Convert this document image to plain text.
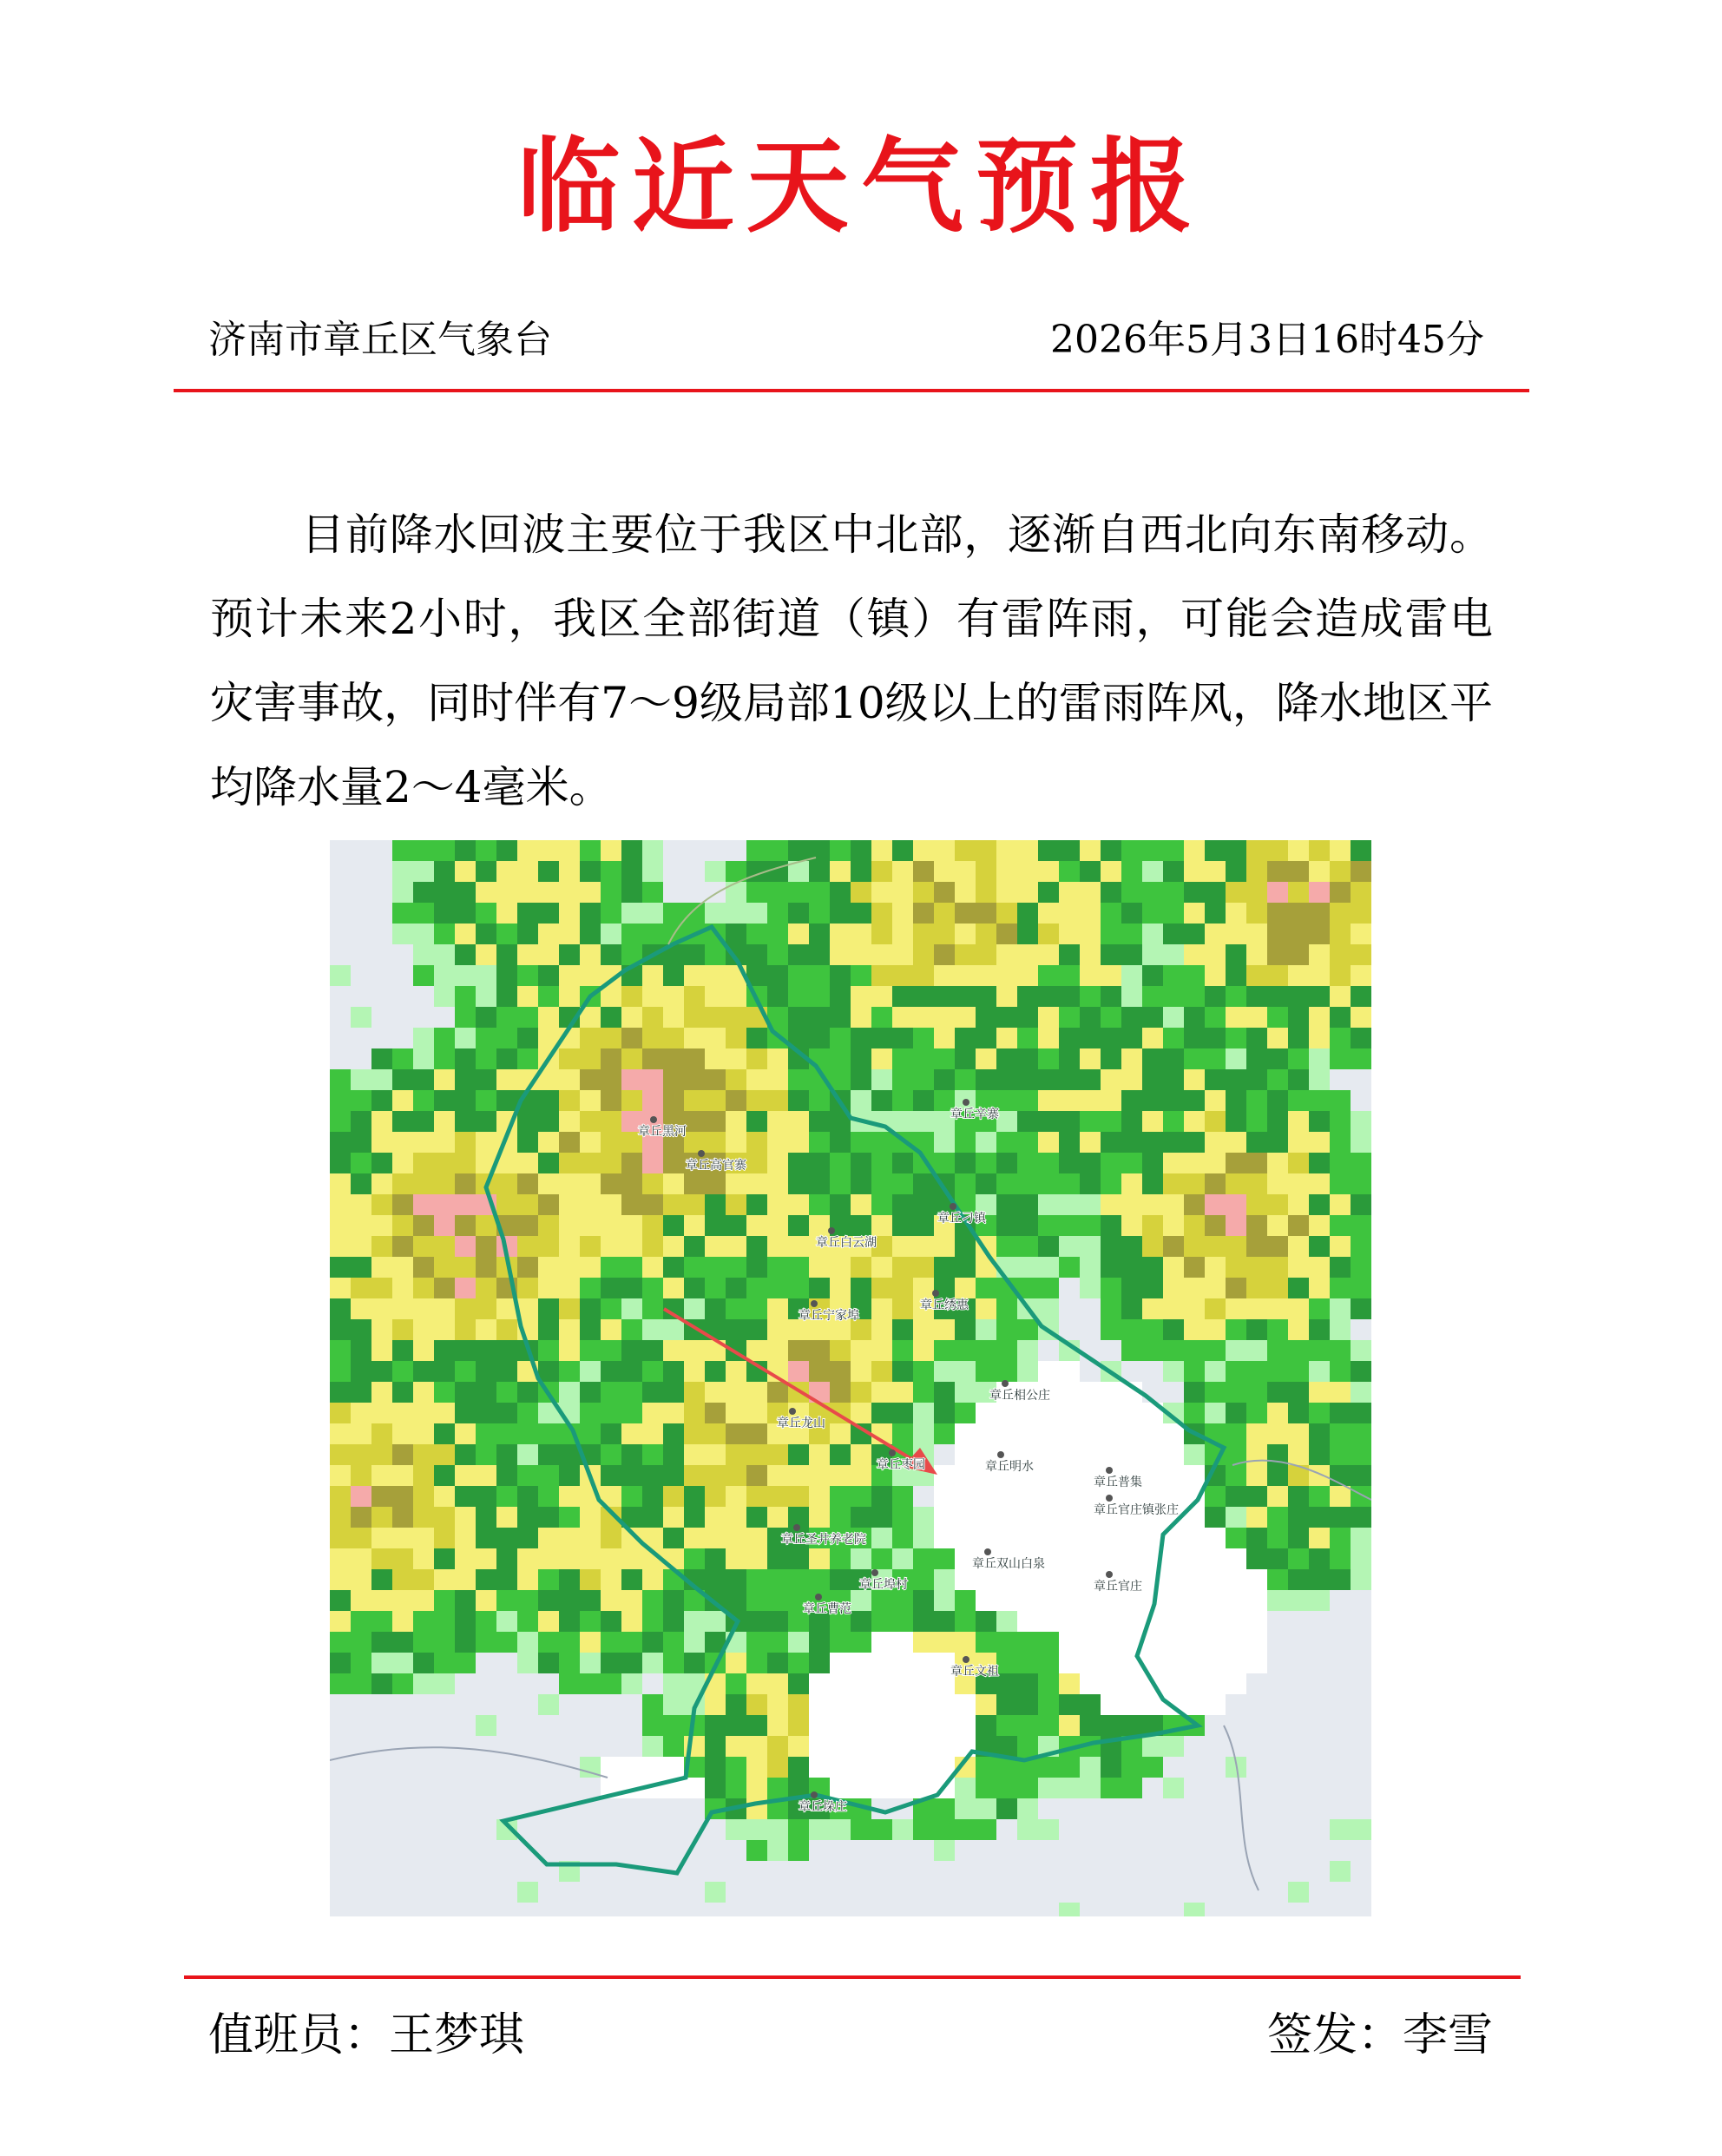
临近天气预报
济南市章丘区气象台	2026年5月3日16时45分
目前降水回波主要位于我区中北部，逐渐自西北向东南移动。预计未来2小时，我区全部街道（镇）有雷阵雨，可能会造成雷电灾害事故，同时伴有7～9级局部10级以上的雷雨阵风，降水地区平均降水量2～4毫米。
章丘黑河
章丘高官寨
章丘辛寨
章丘刁镇
章丘白云湖
章丘宁家埠
章丘绣惠
章丘相公庄
章丘龙山
章丘枣园	章丘明水
章丘普集
章丘官庄镇张庄
章丘圣井养老院
章丘双山白泉
章丘官庄
章丘埠村
章丘曹范
章丘文祖
章丘垛庄
值班员：王梦琪	签发：李雪
